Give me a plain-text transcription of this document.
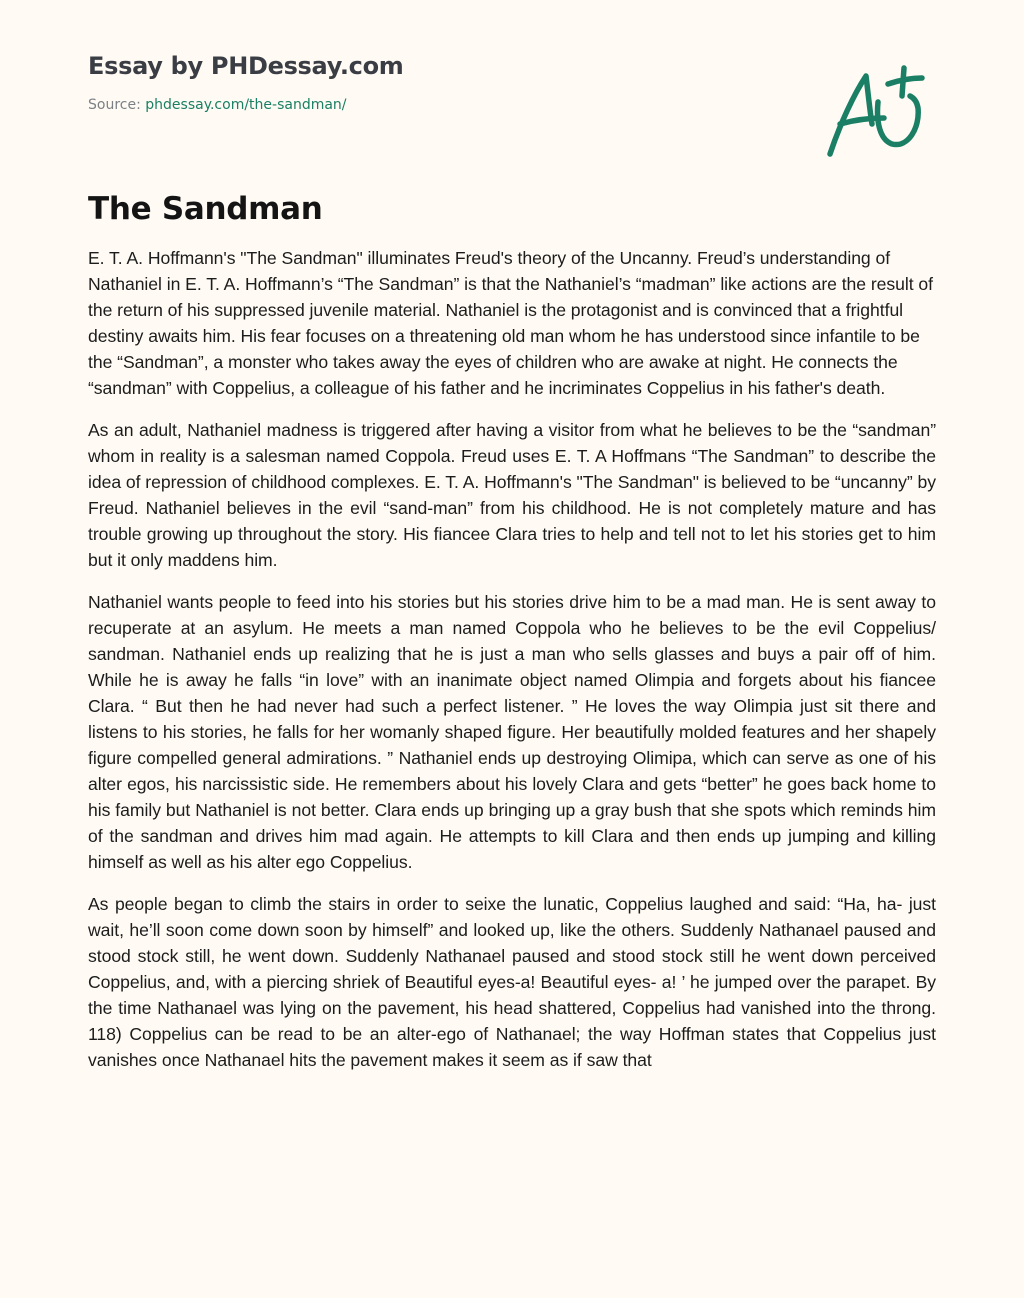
Essay by PHDessay.com
Source: phdessay.com/the-sandman/
The Sandman

E. T. A. Hoffmann's "The Sandman" illuminates Freud's theory of the Uncanny. Freud’s understanding of Nathaniel in E. T. A. Hoffmann’s “The Sandman” is that the Nathaniel’s “madman” like actions are the result of the return of his suppressed juvenile material. Nathaniel is the protagonist and is convinced that a frightful destiny awaits him. His fear focuses on a threatening old man whom he has understood since infantile to be the “Sandman”, a monster who takes away the eyes of children who are awake at night. He connects the “sandman” with Coppelius, a colleague of his father and he incriminates Coppelius in his father's death.

As an adult, Nathaniel madness is triggered after having a visitor from what he believes to be the “sandman” whom in reality is a salesman named Coppola. Freud uses E. T. A Hoffmans “The Sandman” to describe the idea of repression of childhood complexes. E. T. A. Hoffmann's "The Sandman" is believed to be “uncanny” by Freud. Nathaniel believes in the evil “sand-man” from his childhood. He is not completely mature and has trouble growing up throughout the story. His fiancee Clara tries to help and tell not to let his stories get to him but it only maddens him.

Nathaniel wants people to feed into his stories but his stories drive him to be a mad man. He is sent away to recuperate at an asylum. He meets a man named Coppola who he believes to be the evil Coppelius/ sandman. Nathaniel ends up realizing that he is just a man who sells glasses and buys a pair off of him. While he is away he falls “in love” with an inanimate object named Olimpia and forgets about his fiancee Clara. “ But then he had never had such a perfect listener. ” He loves the way Olimpia just sit there and listens to his stories, he falls for her womanly shaped figure. Her beautifully molded features and her shapely figure compelled general admirations. ” Nathaniel ends up destroying Olimipa, which can serve as one of his alter egos, his narcissistic side. He remembers about his lovely Clara and gets “better” he goes back home to his family but Nathaniel is not better. Clara ends up bringing up a gray bush that she spots which reminds him of the sandman and drives him mad again. He attempts to kill Clara and then ends up jumping and killing himself as well as his alter ego Coppelius.

As people began to climb the stairs in order to seixe the lunatic, Coppelius laughed and said: “Ha, ha- just wait, he’ll soon come down soon by himself” and looked up, like the others. Suddenly Nathanael paused and stood stock still, he went down. Suddenly Nathanael paused and stood stock still he went down perceived Coppelius, and, with a piercing shriek of Beautiful eyes-a! Beautiful eyes- a! ’ he jumped over the parapet. By the time Nathanael was lying on the pavement, his head shattered, Coppelius had vanished into the throng. 118) Coppelius can be read to be an alter-ego of Nathanael; the way Hoffman states that Coppelius just vanishes once Nathanael hits the pavement makes it seem as if saw that
